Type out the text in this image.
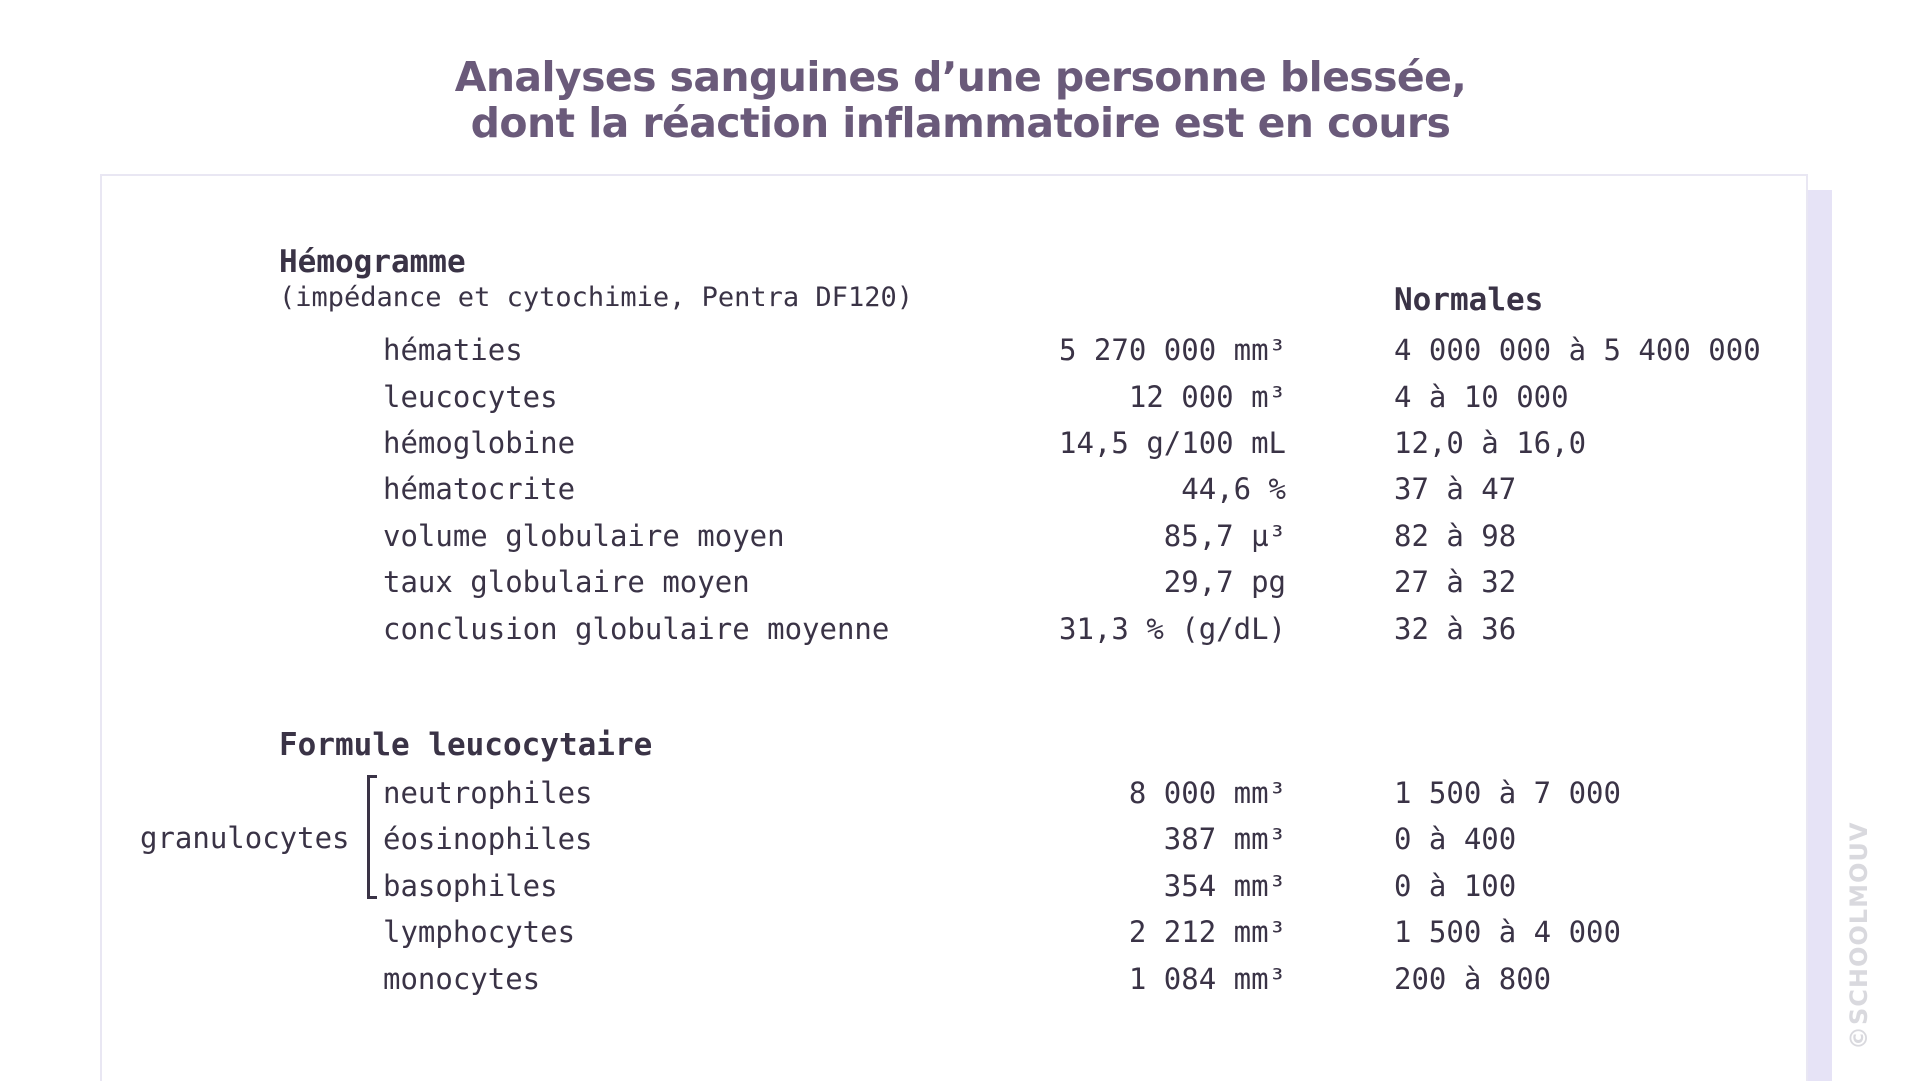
Analyses sanguines d’une personne blessée,
dont la réaction inflammatoire est en cours
Hémogramme
(impédance et cytochimie, Pentra DF120)	Normales
hématies	5 270 000 mm³	4 000 000 à 5 400 000
leucocytes	12 000 m³	4 à 10 000
hémoglobine	14,5 g/100 mL	12,0 à 16,0
hématocrite	44,6 %	37 à 47
volume globulaire moyen	85,7 µ³	82 à 98
taux globulaire moyen	29,7 pg	27 à 32
conclusion globulaire moyenne	31,3 % (g/dL)	32 à 36
Formule leucocytaire
granulocytes
neutrophiles	8 000 mm³	1 500 à 7 000
éosinophiles	387 mm³	0 à 400
basophiles	354 mm³	0 à 100
lymphocytes	2 212 mm³	1 500 à 4 000
monocytes	1 084 mm³	200 à 800	©SCHOOLMOUV
